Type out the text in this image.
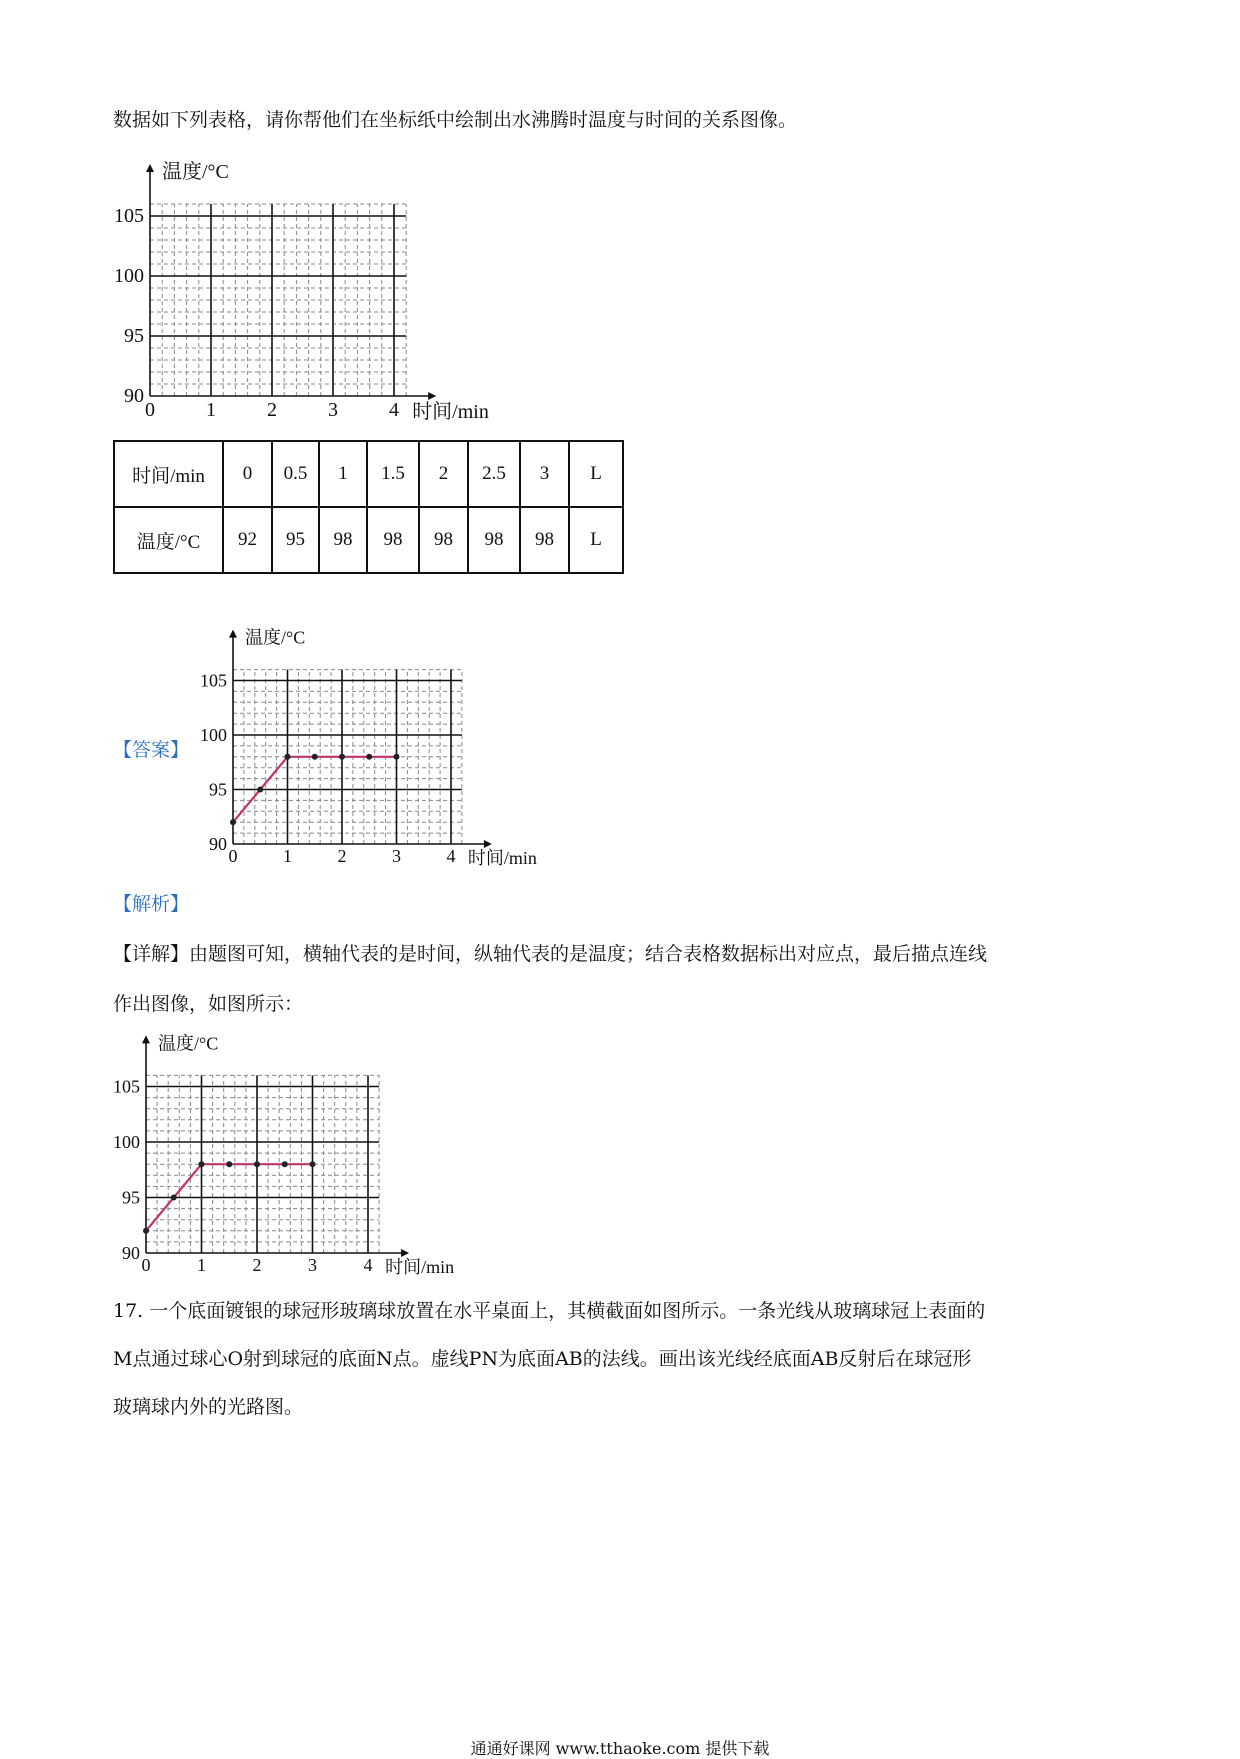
数据如下列表格，请你帮他们在坐标纸中绘制出水沸腾时温度与时间的关系图像。
温度/°C
时间/min
105
100
95
90
0	1	2	3	4
温度/°C
时间/min
105
100
95
90
0	1	2	3	4
温度/°C
时间/min
105
100
95
90
0	1	2	3	4
时间/min	0	0.5	1	1.5	2	2.5	3	L
温度/°C	92	95	98	98	98	98	98	L
【答案】
【解析】
【详解】由题图可知，横轴代表的是时间，纵轴代表的是温度；结合表格数据标出对应点，最后描点连线
作出图像，如图所示：
17. 一个底面镀银的球冠形玻璃球放置在水平桌面上，其横截面如图所示。一条光线从玻璃球冠上表面的
M点通过球心O射到球冠的底面N点。虚线PN为底面AB的法线。画出该光线经底面AB反射后在球冠形
玻璃球内外的光路图。
通通好课网 www.tthaoke.com 提供下载
